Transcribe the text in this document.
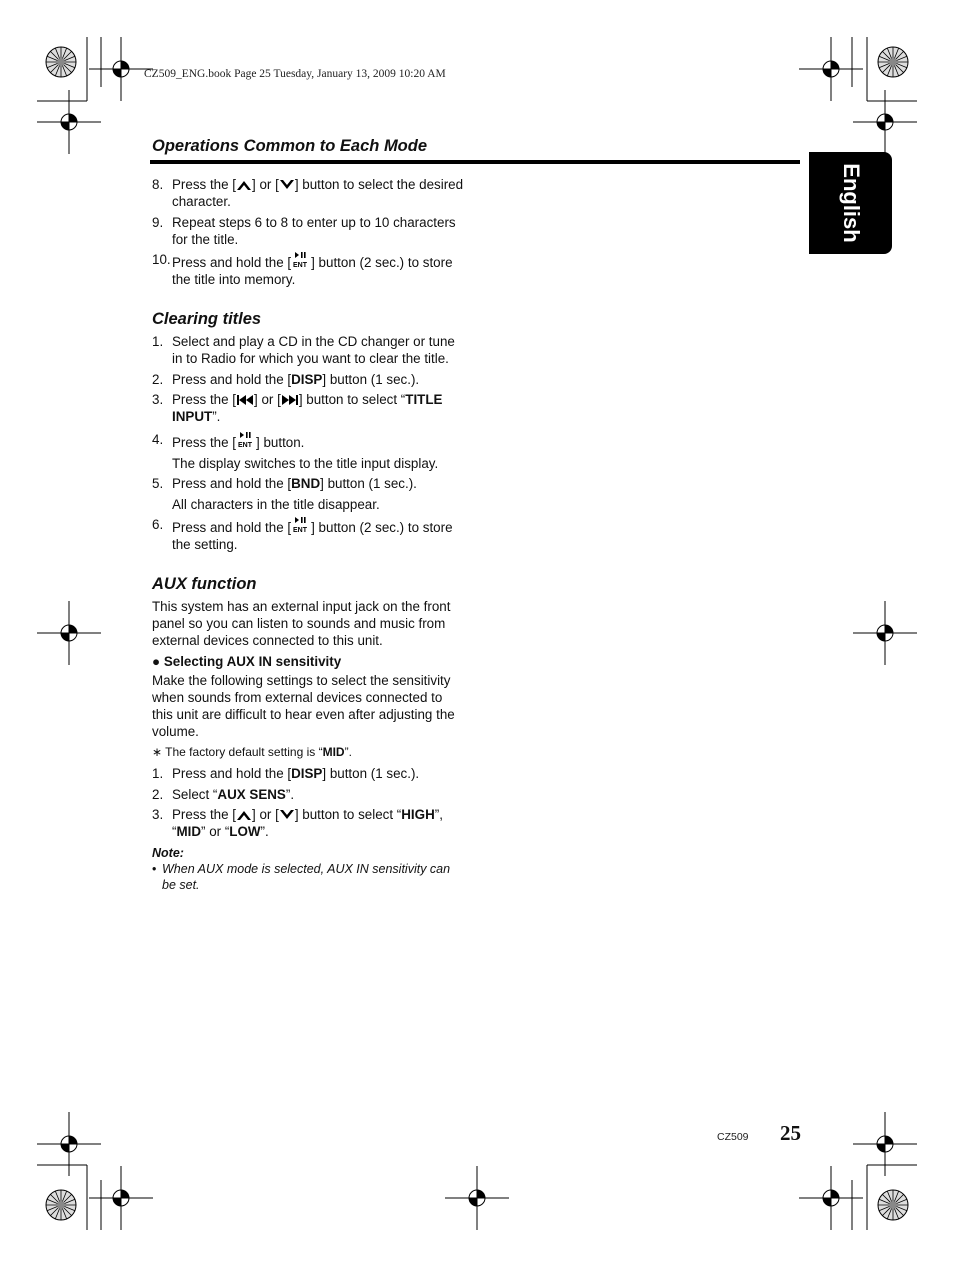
CZ509_ENG.book Page 25 Tuesday, January 13, 2009 10:20 AM
English
Operations Common to Each Mode
8. Press the [ ] or [ ] button to select the desired character.
9. Repeat steps 6 to 8 to enter up to 10 characters for the title.
10. Press and hold the [ ENT ] button (2 sec.) to store the title into memory.
Clearing titles
1. Select and play a CD in the CD changer or tune in to Radio for which you want to clear the title.
2. Press and hold the [DISP] button (1 sec.).
3. Press the [ ] or [ ] button to select “TITLE INPUT”.
4. Press the [ ENT ] button.
The display switches to the title input display.
5. Press and hold the [BND] button (1 sec.).
All characters in the title disappear.
6. Press and hold the [ ENT ] button (2 sec.) to store the setting.
AUX function
This system has an external input jack on the front panel so you can listen to sounds and music from external devices connected to this unit.
● Selecting AUX IN sensitivity
Make the following settings to select the sensitivity when sounds from external devices connected to this unit are difficult to hear even after adjusting the volume.
∗ The factory default setting is “MID”.
1. Press and hold the [DISP] button (1 sec.).
2. Select “AUX SENS”.
3. Press the [ ] or [ ] button to select “HIGH”, “MID” or “LOW”.
Note:
• When AUX mode is selected, AUX IN sensitivity can be set.
CZ509 25
